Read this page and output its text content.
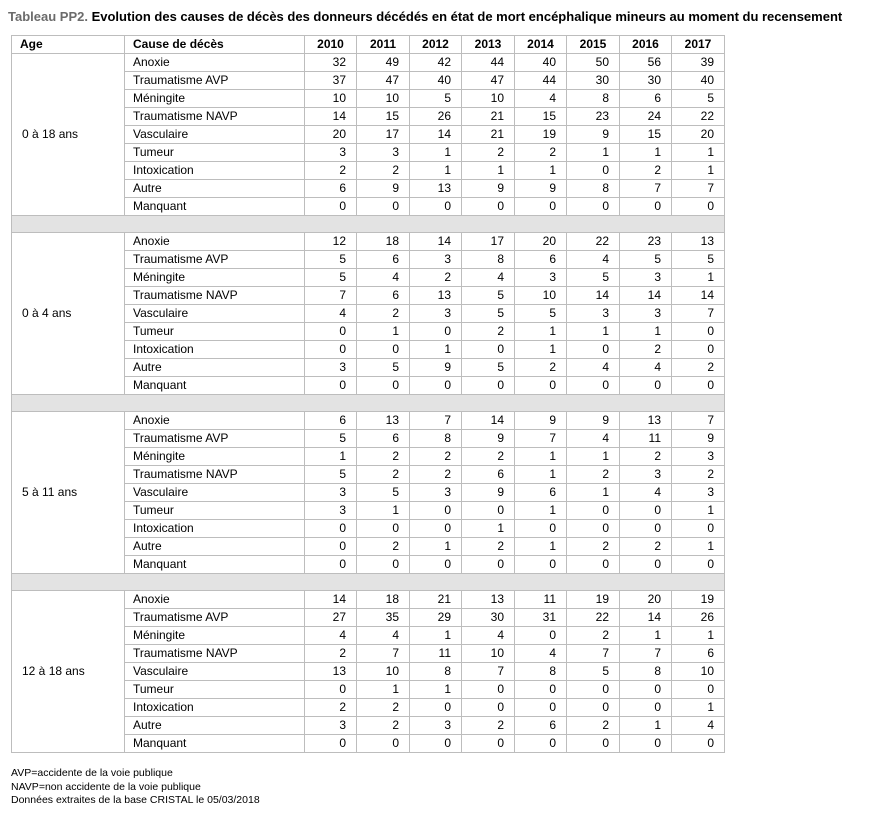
Tableau PP2. Evolution des causes de décès des donneurs décédés en état de mort encéphalique mineurs au moment du recensement
Age	Cause de décès	2010	2011	2012	2013	2014	2015	2016	2017
0 à 18 ans	Anoxie	32	49	42	44	40	50	56	39
	Traumatisme AVP	37	47	40	47	44	30	30	40
	Méningite	10	10	5	10	4	8	6	5
	Traumatisme NAVP	14	15	26	21	15	23	24	22
	Vasculaire	20	17	14	21	19	9	15	20
	Tumeur	3	3	1	2	2	1	1	1
	Intoxication	2	2	1	1	1	0	2	1
	Autre	6	9	13	9	9	8	7	7
	Manquant	0	0	0	0	0	0	0	0

0 à 4 ans	Anoxie	12	18	14	17	20	22	23	13
	Traumatisme AVP	5	6	3	8	6	4	5	5
	Méningite	5	4	2	4	3	5	3	1
	Traumatisme NAVP	7	6	13	5	10	14	14	14
	Vasculaire	4	2	3	5	5	3	3	7
	Tumeur	0	1	0	2	1	1	1	0
	Intoxication	0	0	1	0	1	0	2	0
	Autre	3	5	9	5	2	4	4	2
	Manquant	0	0	0	0	0	0	0	0

5 à 11 ans	Anoxie	6	13	7	14	9	9	13	7
	Traumatisme AVP	5	6	8	9	7	4	11	9
	Méningite	1	2	2	2	1	1	2	3
	Traumatisme NAVP	5	2	2	6	1	2	3	2
	Vasculaire	3	5	3	9	6	1	4	3
	Tumeur	3	1	0	0	1	0	0	1
	Intoxication	0	0	0	1	0	0	0	0
	Autre	0	2	1	2	1	2	2	1
	Manquant	0	0	0	0	0	0	0	0

12 à 18 ans	Anoxie	14	18	21	13	11	19	20	19
	Traumatisme AVP	27	35	29	30	31	22	14	26
	Méningite	4	4	1	4	0	2	1	1
	Traumatisme NAVP	2	7	11	10	4	7	7	6
	Vasculaire	13	10	8	7	8	5	8	10
	Tumeur	0	1	1	0	0	0	0	0
	Intoxication	2	2	0	0	0	0	0	1
	Autre	3	2	3	2	6	2	1	4
	Manquant	0	0	0	0	0	0	0	0
AVP=accidente de la voie publique
NAVP=non accidente de la voie publique
Données extraites de la base CRISTAL le 05/03/2018
